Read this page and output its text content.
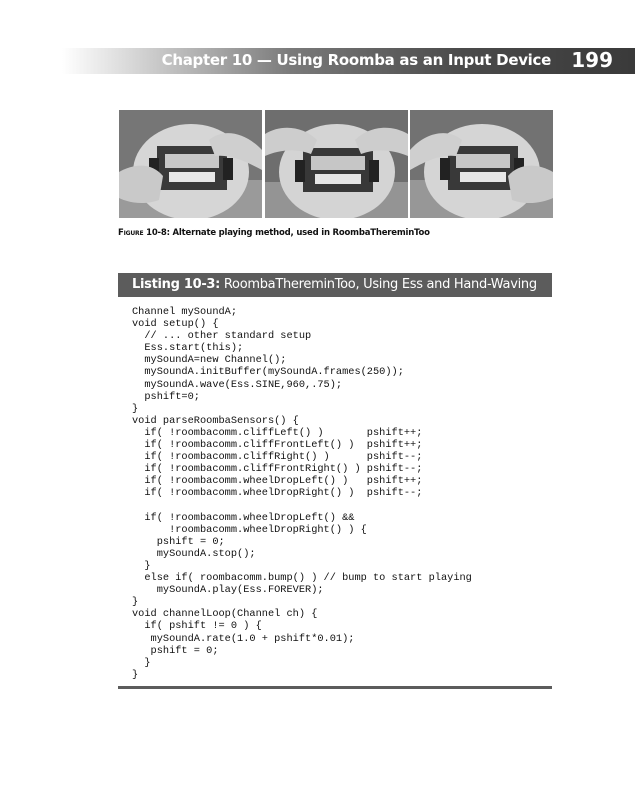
Chapter 10 — Using Roomba as an Input Device 199
Figure 10-8: Alternate playing method, used in RoombaThereminToo
Listing 10-3: RoombaThereminToo, Using Ess and Hand-Waving
Channel mySoundA;
void setup() {
// ... other standard setup
Ess.start(this);
mySoundA=new Channel();
mySoundA.initBuffer(mySoundA.frames(250));
mySoundA.wave(Ess.SINE,960,.75);
pshift=0;
}
void parseRoombaSensors() {
if( !roombacomm.cliffLeft() )       pshift++;
if( !roombacomm.cliffFrontLeft() )  pshift++;
if( !roombacomm.cliffRight() )      pshift--;
if( !roombacomm.cliffFrontRight() ) pshift--;
if( !roombacomm.wheelDropLeft() )   pshift++;
if( !roombacomm.wheelDropRight() )  pshift--;
if( !roombacomm.wheelDropLeft() &&
!roombacomm.wheelDropRight() ) {
pshift = 0;
mySoundA.stop();
}
else if( roombacomm.bump() ) // bump to start playing
mySoundA.play(Ess.FOREVER);
}
void channelLoop(Channel ch) {
if( pshift != 0 ) {
mySoundA.rate(1.0 + pshift*0.01);
pshift = 0;
}
}
